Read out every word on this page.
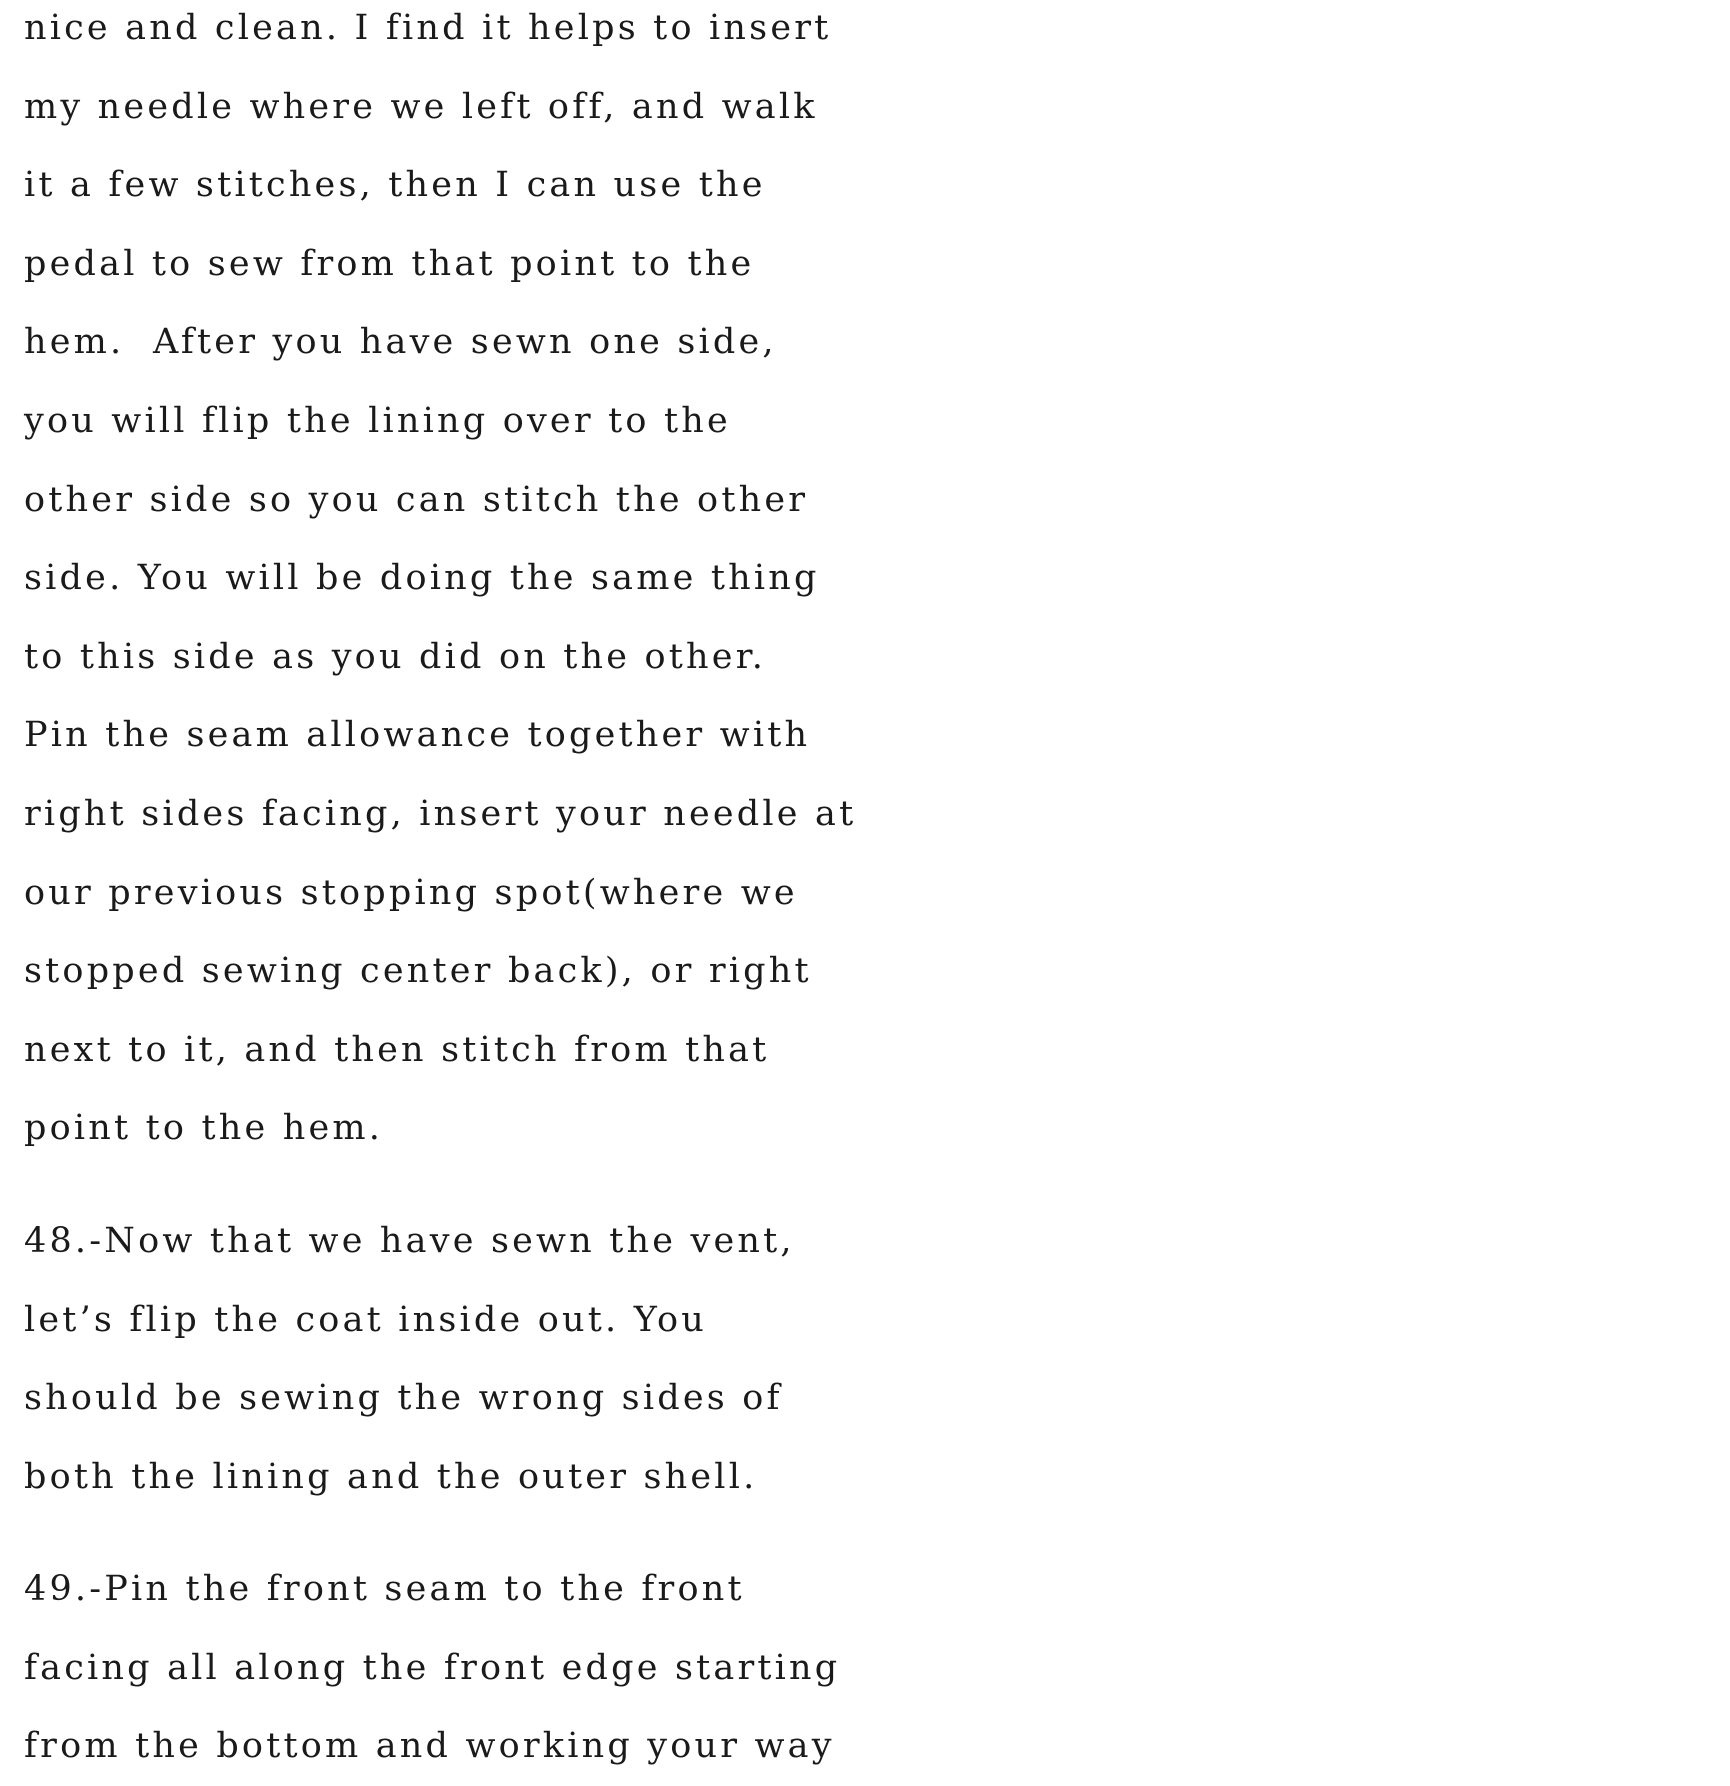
nice and clean. I find it helps to insert
my needle where we left off, and walk
it a few stitches, then I can use the
pedal to sew from that point to the
hem.  After you have sewn one side,
you will flip the lining over to the
other side so you can stitch the other
side. You will be doing the same thing
to this side as you did on the other.
Pin the seam allowance together with
right sides facing, insert your needle at
our previous stopping spot(where we
stopped sewing center back), or right
next to it, and then stitch from that
point to the hem.
48.-Now that we have sewn the vent,
let’s flip the coat inside out. You
should be sewing the wrong sides of
both the lining and the outer shell.
49.-Pin the front seam to the front
facing all along the front edge starting
from the bottom and working your way
